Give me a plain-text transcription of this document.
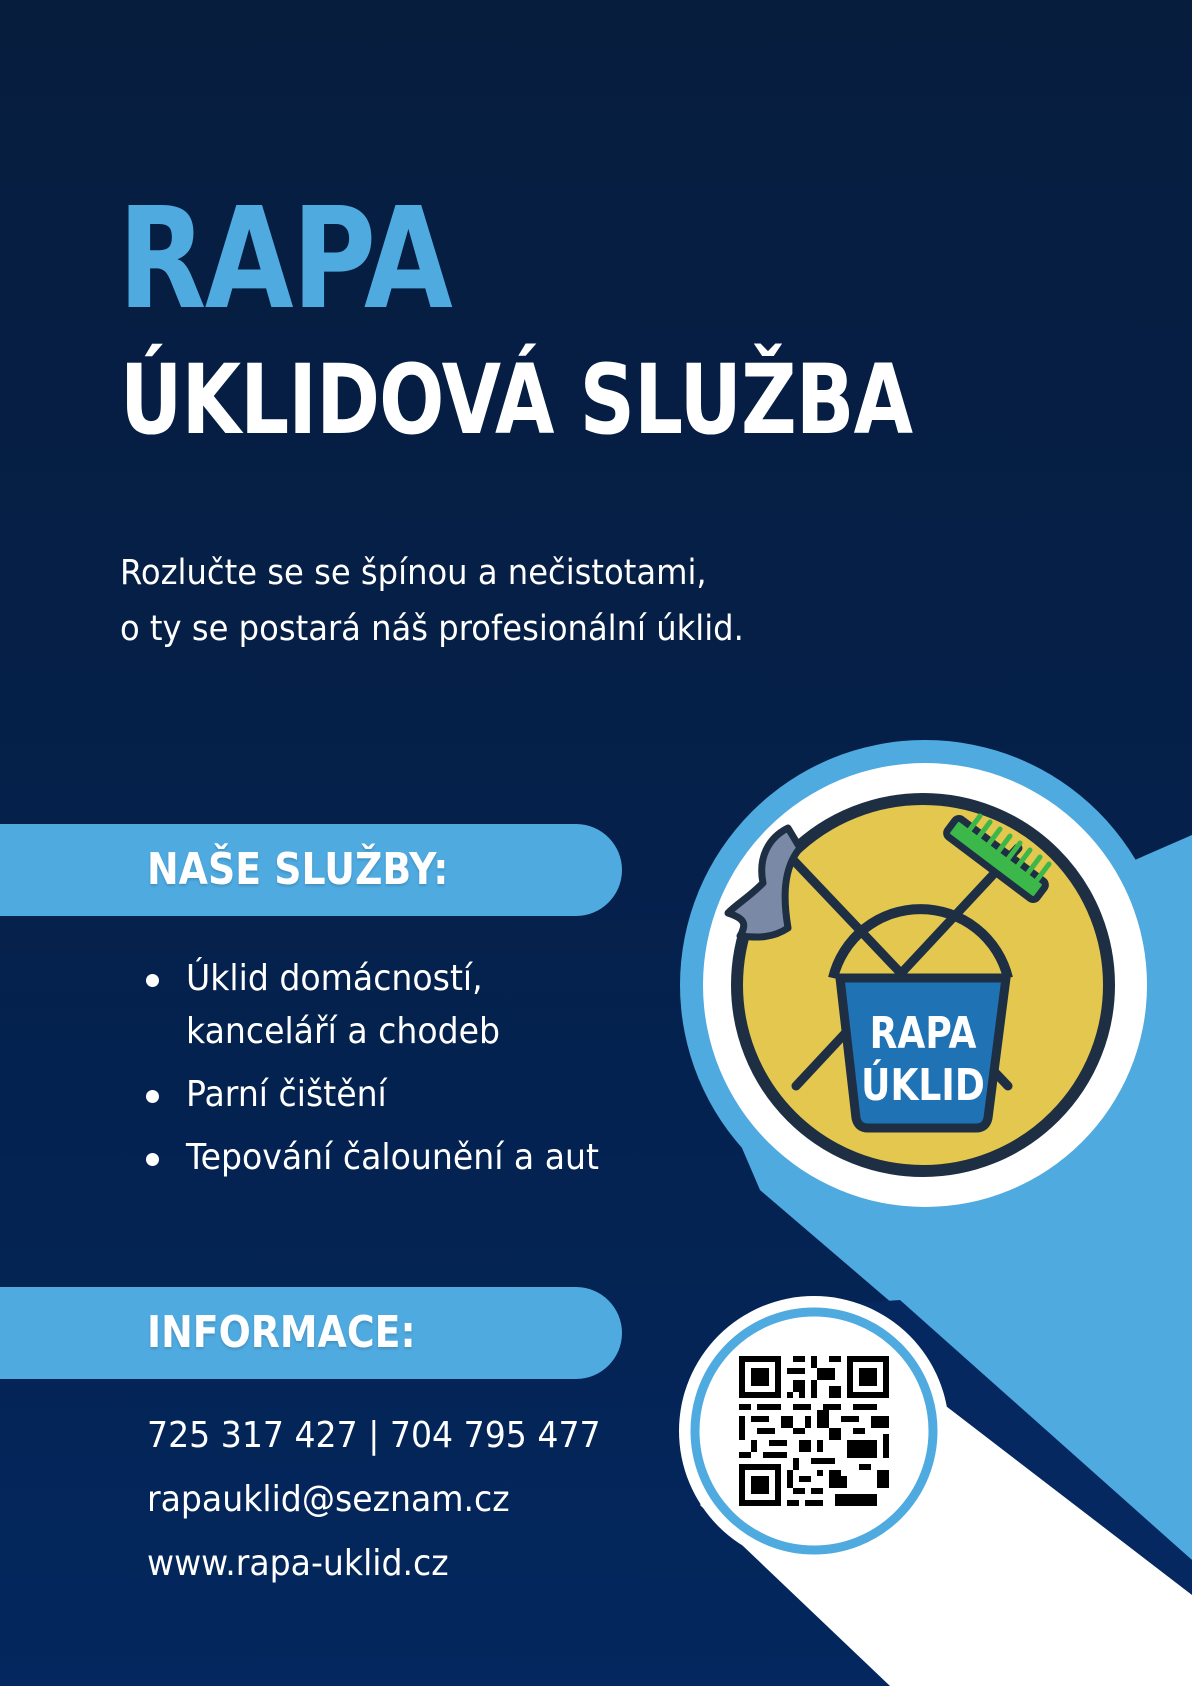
RAPA
ÚKLIDOVÁ SLUŽBA
Rozlučte se se špínou a nečistotami,
o ty se postará náš profesionální úklid.
NAŠE SLUŽBY:
Úklid domácností,
kanceláří a chodeb
Parní čištění
Tepování čalounění a aut
INFORMACE:
725 317 427 | 704 795 477
rapauklid@seznam.cz
www.rapa-uklid.cz
RAPA
ÚKLID
